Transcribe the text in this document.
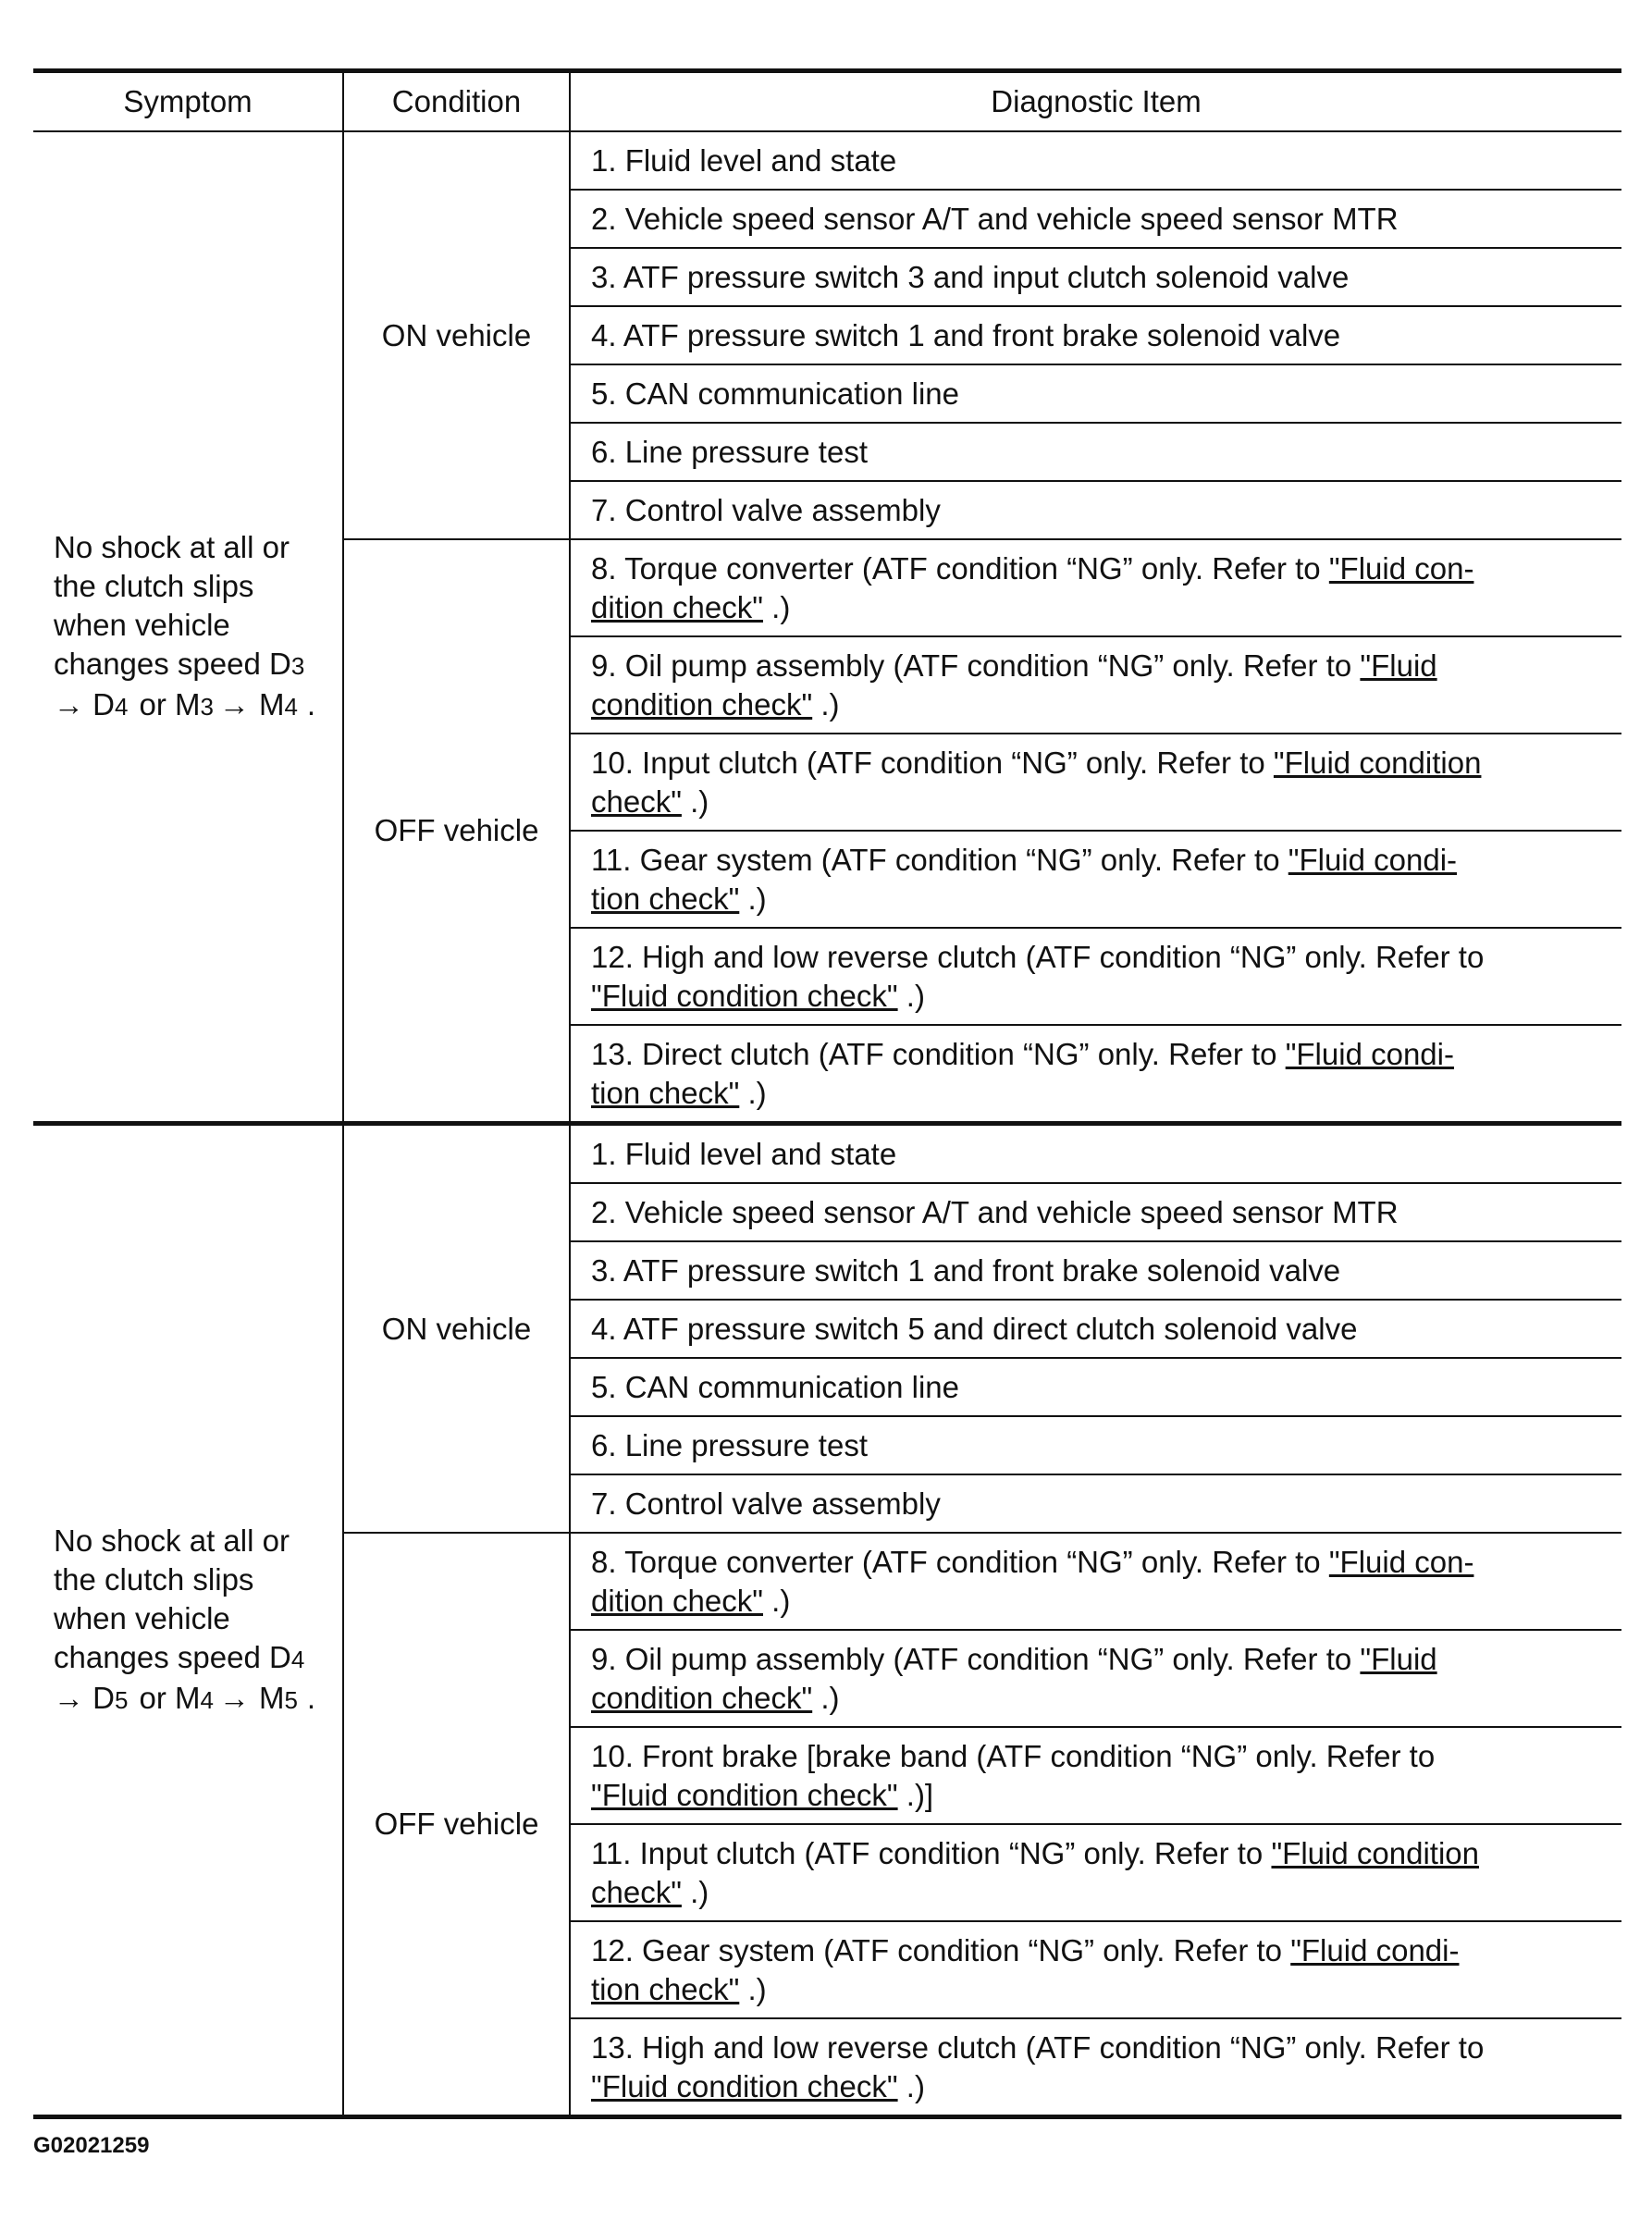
Symptom	Condition	Diagnostic Item

No shock at all or
the clutch slips
when vehicle
changes speed D3
→ D4 or M3 → M4 .	ON vehicle	1. Fluid level and state
		2. Vehicle speed sensor A/T and vehicle speed sensor MTR
		3. ATF pressure switch 3 and input clutch solenoid valve
		4. ATF pressure switch 1 and front brake solenoid valve
		5. CAN communication line
		6. Line pressure test
		7. Control valve assembly
	OFF vehicle	8. Torque converter (ATF condition “NG” only. Refer to "Fluid con-
dition check" .)

		9. Oil pump assembly (ATF condition “NG” only. Refer to "Fluid
condition check" .)

		10. Input clutch (ATF condition “NG” only. Refer to "Fluid condition
check" .)

		11. Gear system (ATF condition “NG” only. Refer to "Fluid condi-
tion check" .)

		12. High and low reverse clutch (ATF condition “NG” only. Refer to
"Fluid condition check" .)

		13. Direct clutch (ATF condition “NG” only. Refer to "Fluid condi-
tion check" .)

No shock at all or
the clutch slips
when vehicle
changes speed D4
→ D5 or M4 → M5 .	ON vehicle	1. Fluid level and state
		2. Vehicle speed sensor A/T and vehicle speed sensor MTR
		3. ATF pressure switch 1 and front brake solenoid valve
		4. ATF pressure switch 5 and direct clutch solenoid valve
		5. CAN communication line
		6. Line pressure test
		7. Control valve assembly
	OFF vehicle	8. Torque converter (ATF condition “NG” only. Refer to "Fluid con-
dition check" .)

		9. Oil pump assembly (ATF condition “NG” only. Refer to "Fluid
condition check" .)

		10. Front brake [brake band (ATF condition “NG” only. Refer to
"Fluid condition check" .)]

		11. Input clutch (ATF condition “NG” only. Refer to "Fluid condition
check" .)

		12. Gear system (ATF condition “NG” only. Refer to "Fluid condi-
tion check" .)

		13. High and low reverse clutch (ATF condition “NG” only. Refer to
"Fluid condition check" .)
G02021259
